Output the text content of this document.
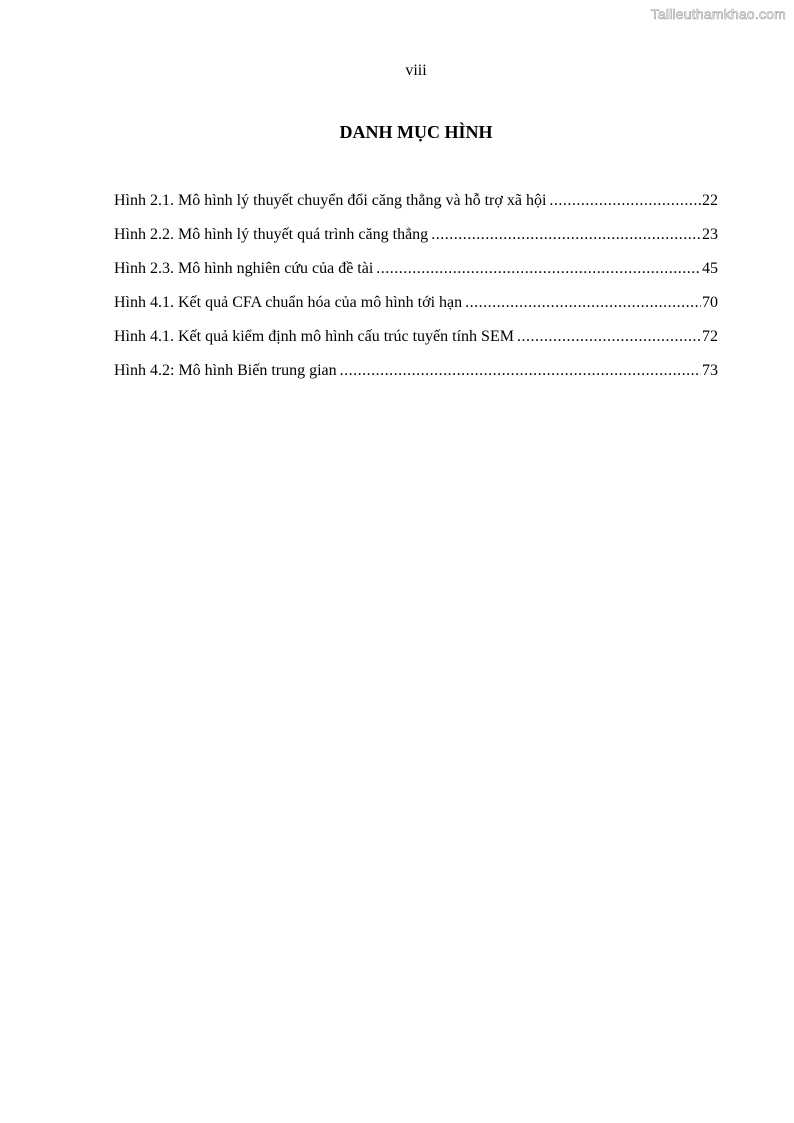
Tailieuthamkhao.com
viii
DANH MỤC HÌNH
Hình 2.1. Mô hình lý thuyết chuyển đổi căng thẳng và hỗ trợ xã hội .....	22
Hình 2.2. Mô hình lý thuyết quá trình căng thẳng .....	23
Hình 2.3. Mô hình nghiên cứu của đề tài .....	45
Hình 4.1. Kết quả CFA chuẩn hóa của mô hình tới hạn .....	70
Hình 4.1. Kết quả kiểm định mô hình cấu trúc tuyến tính SEM .....	72
Hình 4.2: Mô hình Biến trung gian .....	73
